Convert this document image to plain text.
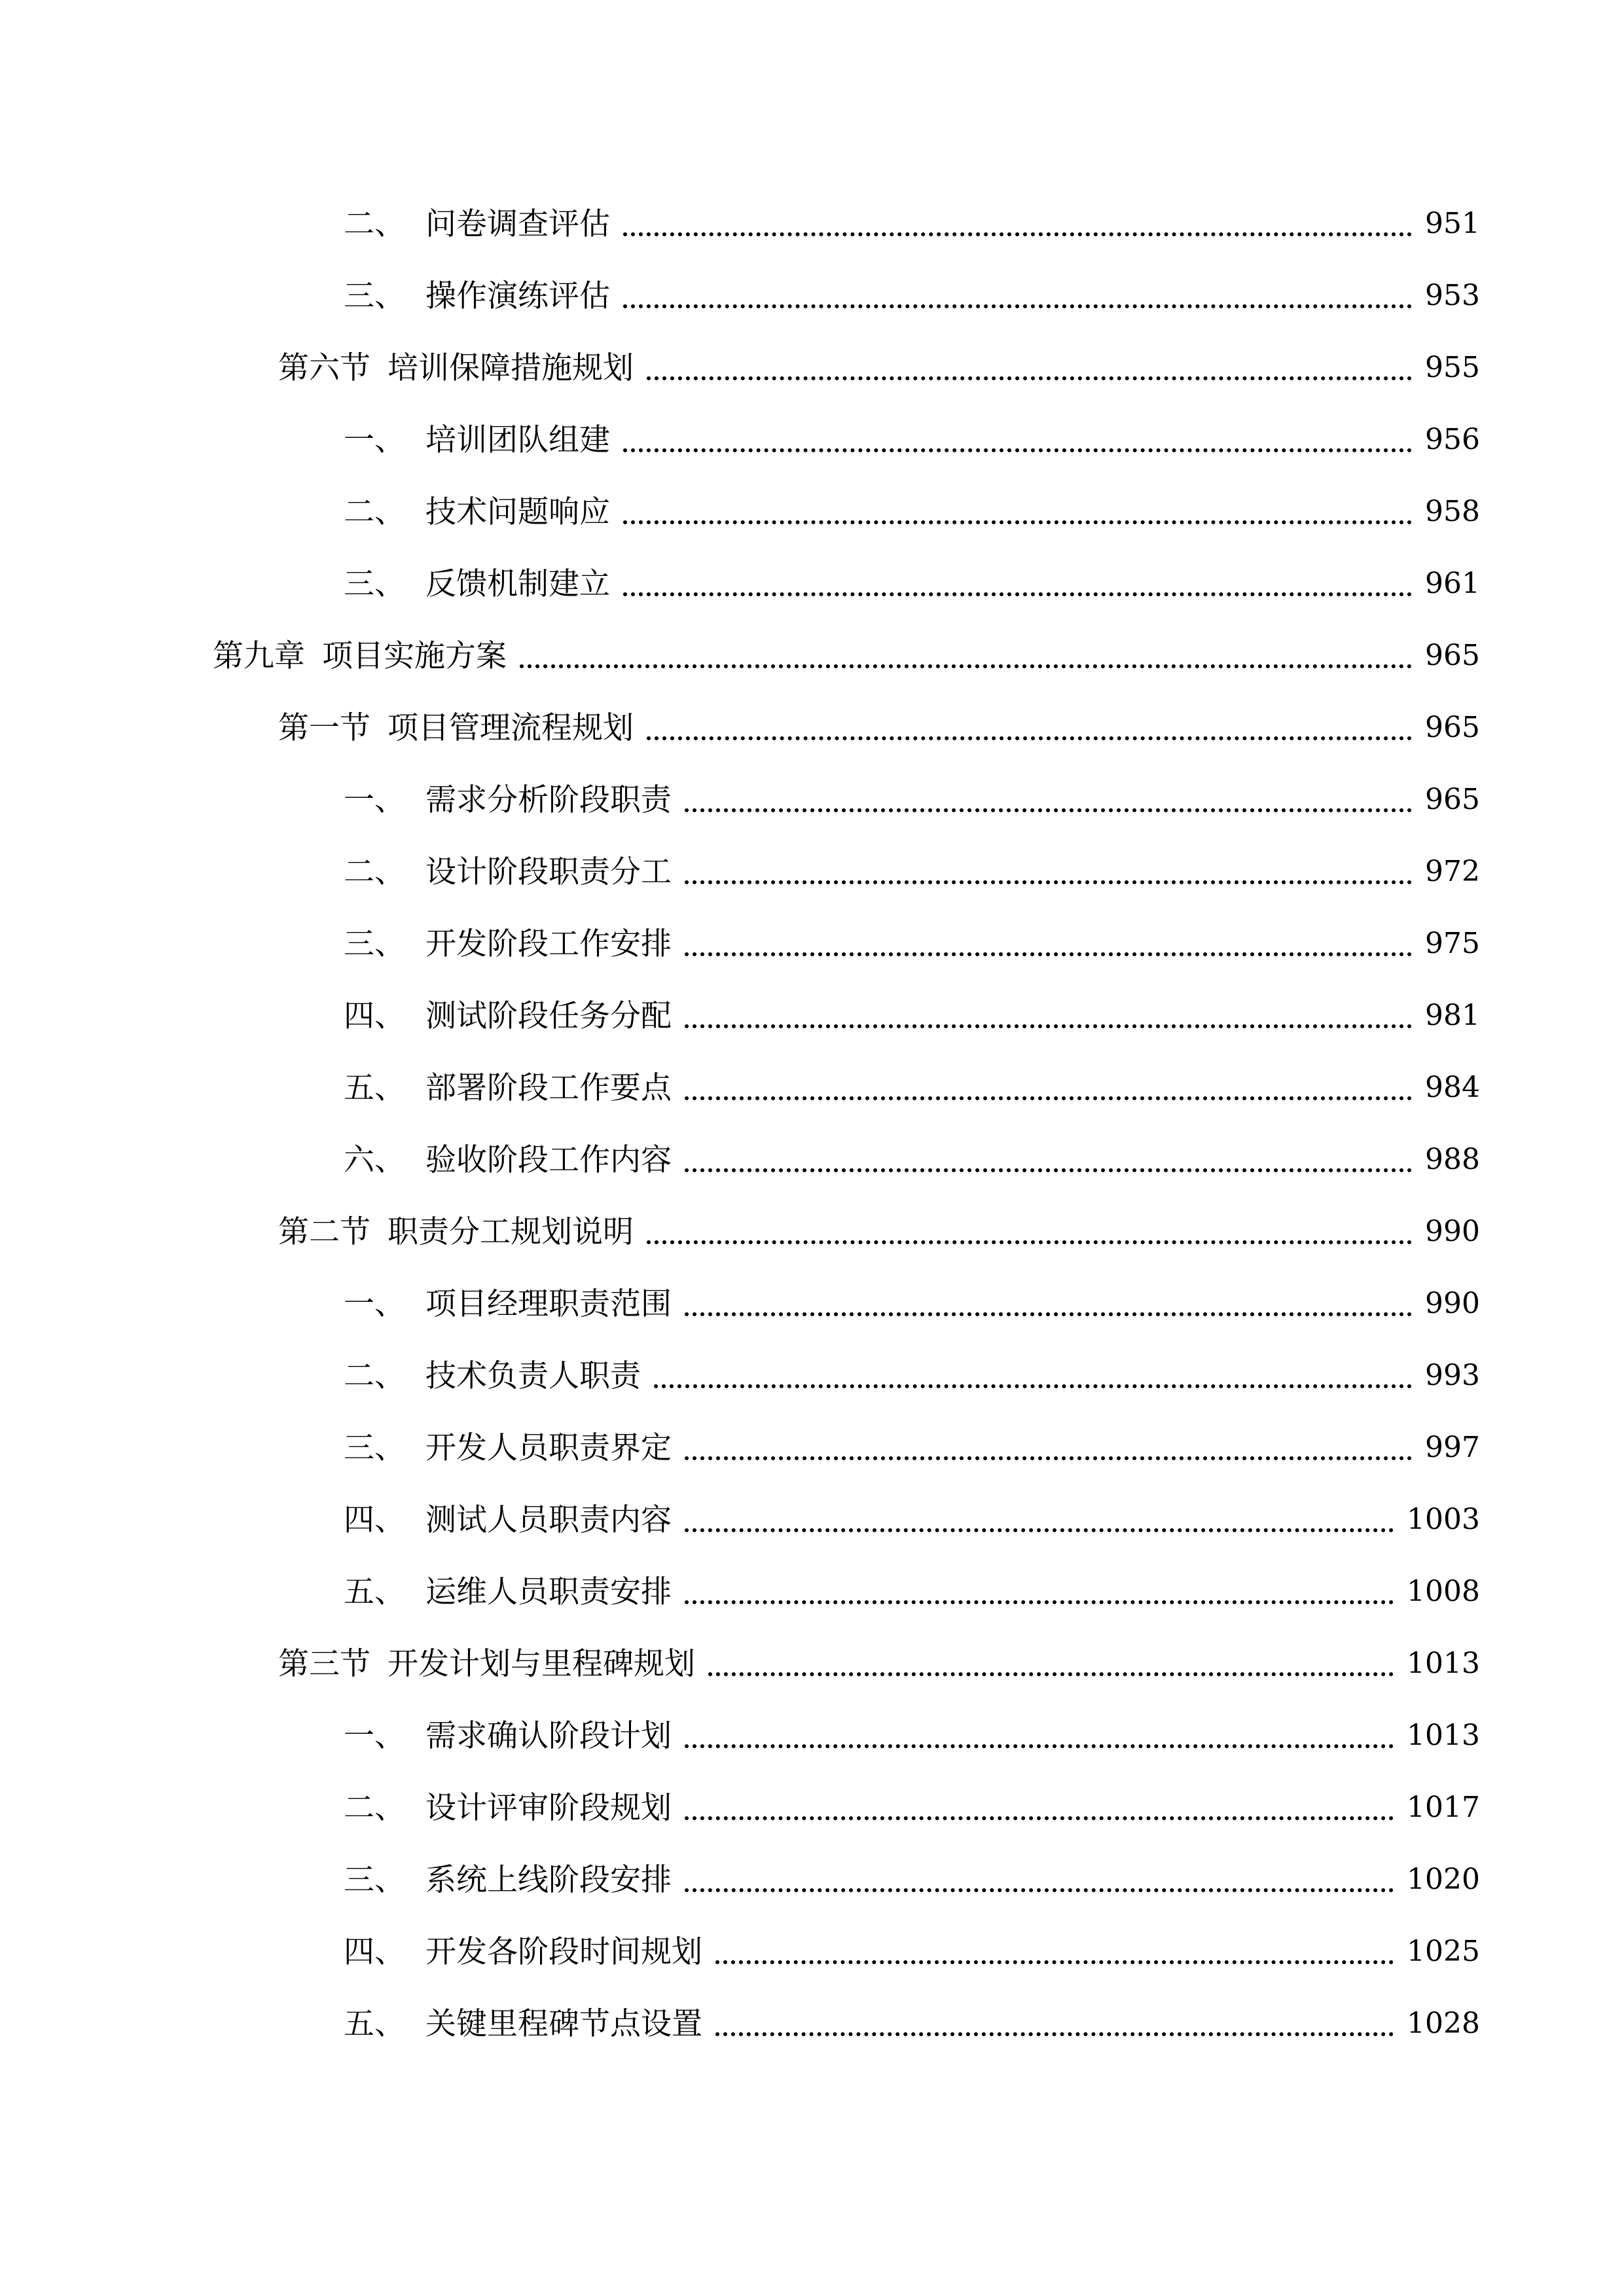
二、 问卷调查评估	951
三、 操作演练评估	953
第六节 培训保障措施规划	955
一、 培训团队组建	956
二、 技术问题响应	958
三、 反馈机制建立	961
第九章 项目实施方案	965
第一节 项目管理流程规划	965
一、 需求分析阶段职责	965
二、 设计阶段职责分工	972
三、 开发阶段工作安排	975
四、 测试阶段任务分配	981
五、 部署阶段工作要点	984
六、 验收阶段工作内容	988
第二节 职责分工规划说明	990
一、 项目经理职责范围	990
二、 技术负责人职责	993
三、 开发人员职责界定	997
四、 测试人员职责内容	1003
五、 运维人员职责安排	1008
第三节 开发计划与里程碑规划	1013
一、 需求确认阶段计划	1013
二、 设计评审阶段规划	1017
三、 系统上线阶段安排	1020
四、 开发各阶段时间规划	1025
五、 关键里程碑节点设置	1028
